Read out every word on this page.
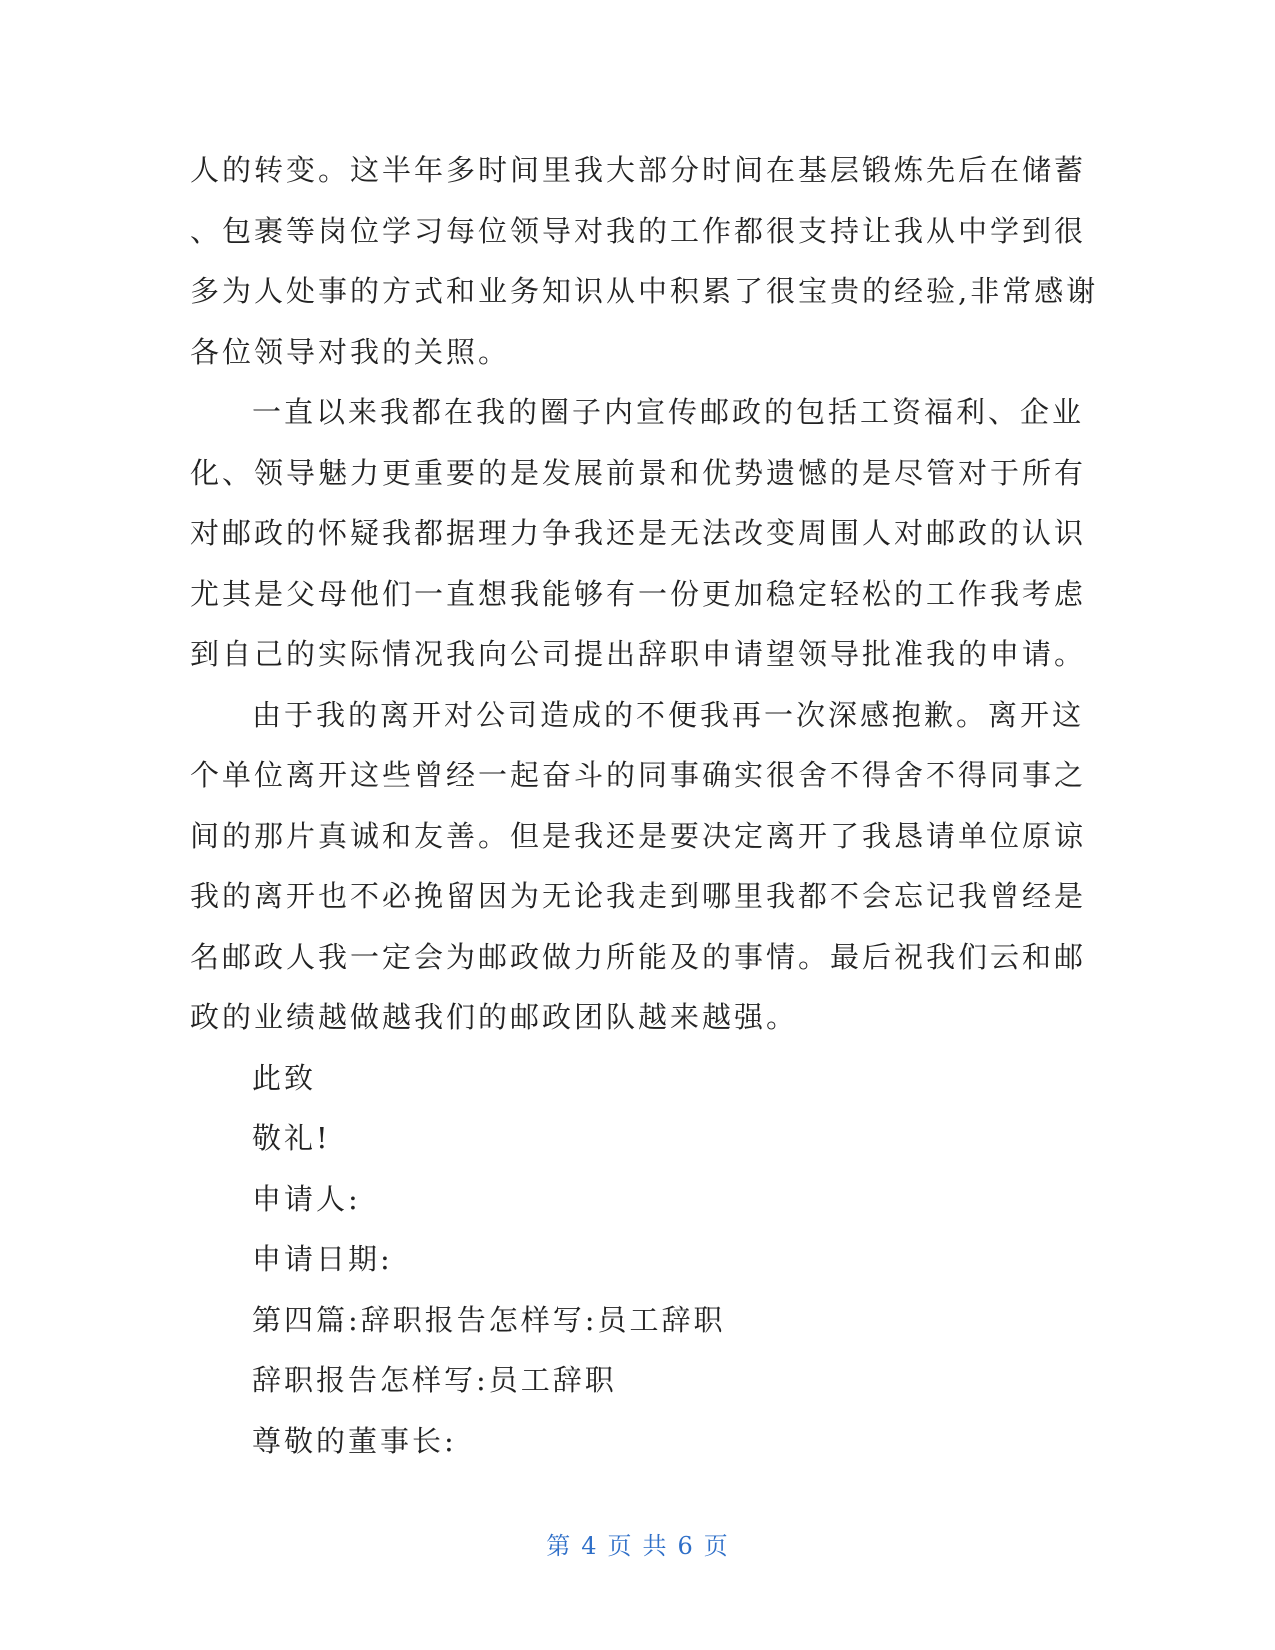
人的转变。这半年多时间里我大部分时间在基层锻炼先后在储蓄
、包裹等岗位学习每位领导对我的工作都很支持让我从中学到很
多为人处事的方式和业务知识从中积累了很宝贵的经验,非常感谢
各位领导对我的关照。
一直以来我都在我的圈子内宣传邮政的包括工资福利、企业
化、领导魅力更重要的是发展前景和优势遗憾的是尽管对于所有
对邮政的怀疑我都据理力争我还是无法改变周围人对邮政的认识
尤其是父母他们一直想我能够有一份更加稳定轻松的工作我考虑
到自己的实际情况我向公司提出辞职申请望领导批准我的申请。
由于我的离开对公司造成的不便我再一次深感抱歉。离开这
个单位离开这些曾经一起奋斗的同事确实很舍不得舍不得同事之
间的那片真诚和友善。但是我还是要决定离开了我恳请单位原谅
我的离开也不必挽留因为无论我走到哪里我都不会忘记我曾经是
名邮政人我一定会为邮政做力所能及的事情。最后祝我们云和邮
政的业绩越做越我们的邮政团队越来越强。
此致
敬礼!
申请人:
申请日期:
第四篇:辞职报告怎样写:员工辞职
辞职报告怎样写:员工辞职
尊敬的董事长:
第 4 页 共 6 页
